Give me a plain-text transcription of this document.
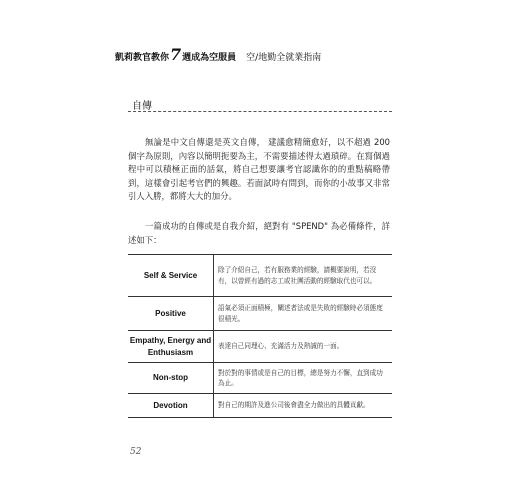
凱莉教官教你 7 週成為空服員 空/地勤全就業指南
自傳

無論是中文自傳還是英文自傳， 建議愈精簡愈好，以不超過 200 個字為原則，內容以簡明扼要為主，不需要描述得太過瑣碎。在寫個過程中可以積極正面的話氣，將自己想要讓考官認識你的的重點稿略帶到，這樣會引起考官們的興趣。若面試時有問到，而你的小故事又非常引人入勝，都將大大的加分。

一篇成功的自傳或是自我介紹，絕對有 "SPEND" 為必備條件，詳述如下：

Self & Service	除了介紹自己，若有服務業的經驗，請概要說明，若沒有，以曾經有過的志工或社團活動的經驗取代也可以。
Positive	語氣必須正面積極，闡述者法或是失敗的經驗時必須態度很積光。
Empathy, Energy and Enthusiasm	表達自己同理心、充滿活力及熱誠的一面。
Non-stop	對於對的事情或是自己的目標，總是努力不懈，直到成功為止。
Devotion	對自己的期許及進公司後會盡全力做出的具體貢獻。
52
